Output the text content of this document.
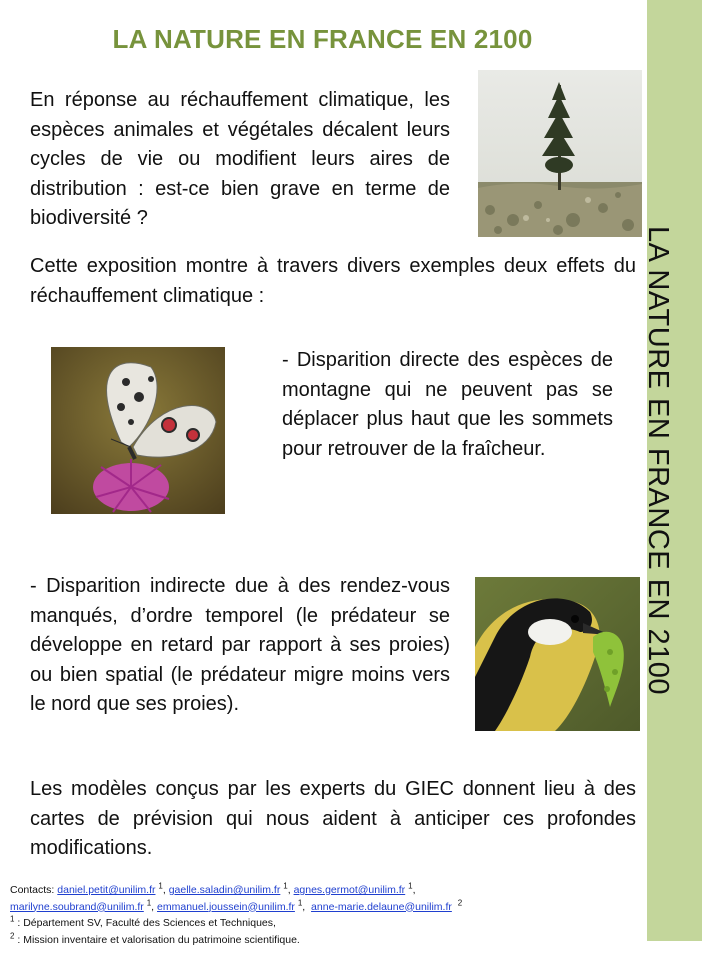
LA NATURE EN FRANCE EN 2100
LA NATURE EN FRANCE EN 2100

En réponse au réchauffement climatique, les espèces animales et végétales décalent leurs cycles de vie ou modifient leurs aires de distribution : est-ce bien grave en terme de biodiversité ?

Cette exposition montre à travers divers exemples deux effets du réchauffement climatique :

- Disparition directe des espèces de montagne qui ne peuvent pas se déplacer plus haut que les sommets pour retrouver de la fraîcheur.

- Disparition indirecte due à des rendez-vous manqués, d’ordre temporel (le prédateur se développe en retard par rapport à ses proies) ou bien spatial (le prédateur migre moins vers le nord que ses proies).

Les modèles conçus par les experts du GIEC donnent lieu à des cartes de prévision qui nous aident à anticiper ces profondes modifications.

Contacts: daniel.petit@unilim.fr $^1$, gaelle.saladin@unilim.fr $^1$, agnes.germot@unilim.fr $^1$,
marilyne.soubrand@unilim.fr $^1$, emmanuel.joussein@unilim.fr $^1$,  anne-marie.delaune@unilim.fr $^2$
$^1$ : Département SV, Faculté des Sciences et Techniques,
$^2$ : Mission inventaire et valorisation du patrimoine scientifique.
